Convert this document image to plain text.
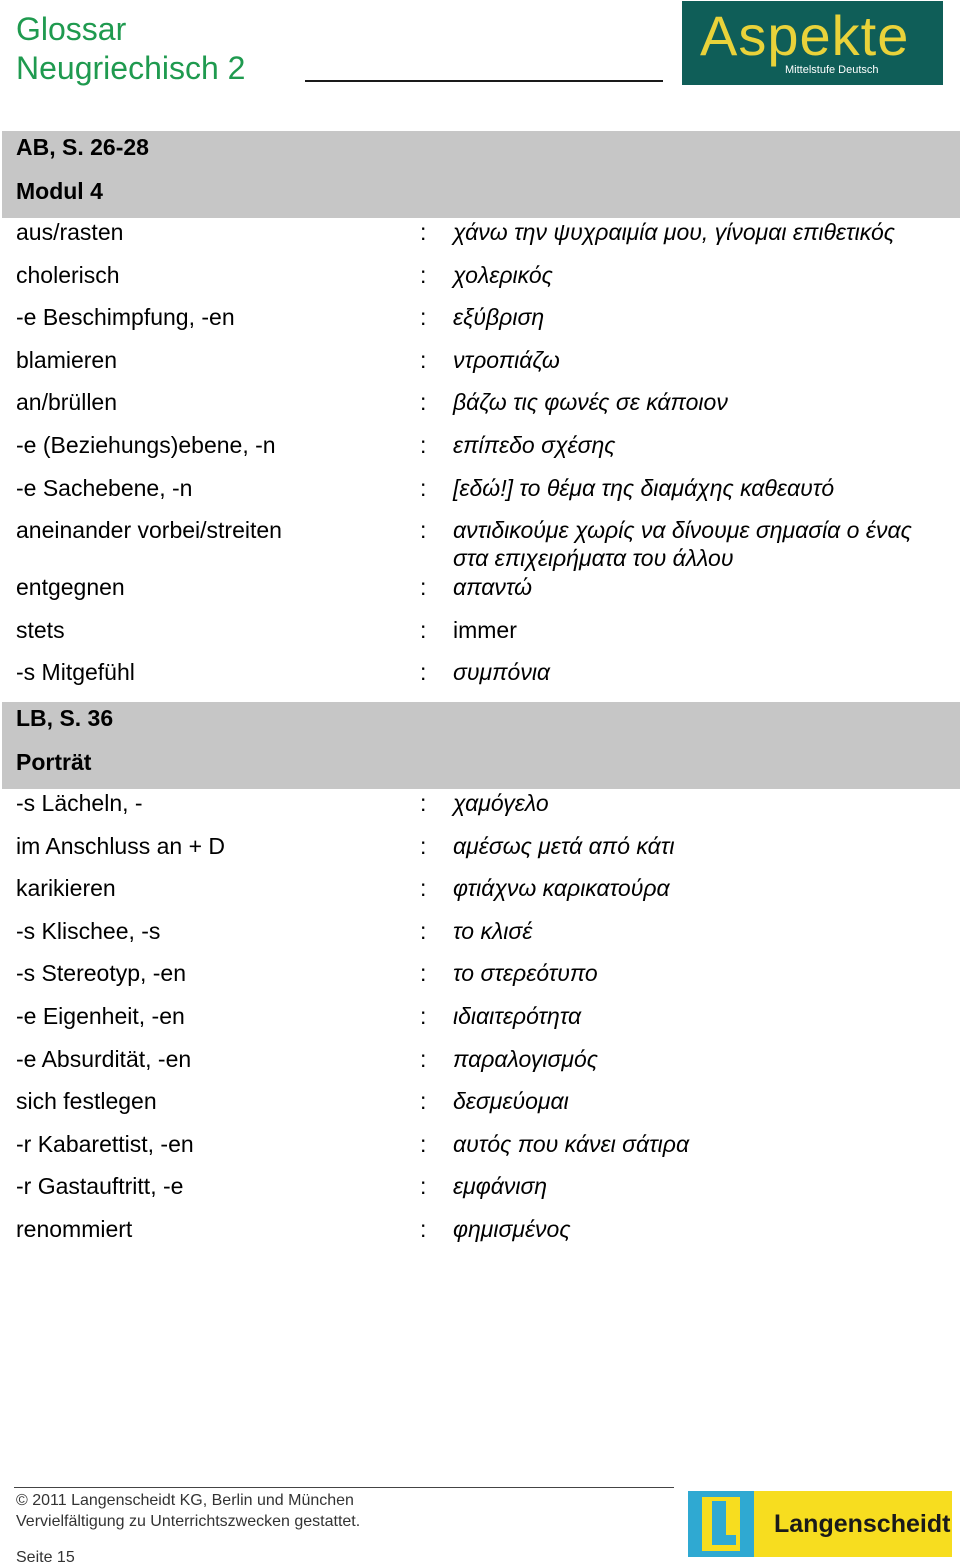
Glossar
Neugriechisch 2
Aspekte
Mittelstufe Deutsch
AB, S. 26-28
Modul 4
aus/rasten	: χάνω την ψυχραιμία μου, γίνομαι επιθετικός
cholerisch	: χολερικός
-e Beschimpfung, -en	: εξύβριση
blamieren	: ντροπιάζω
an/brüllen	: βάζω τις φωνές σε κάποιον
-e (Beziehungs)ebene, -n	: επίπεδο σχέσης
-e Sachebene, -n	: [εδώ!] το θέμα της διαμάχης καθεαυτό
aneinander vorbei/streiten	: αντιδικούμε χωρίς να δίνουμε σημασία ο ένας στα επιχειρήματα του άλλου
entgegnen	: απαντώ
stets	: immer
-s Mitgefühl	: συμπόνια
LB, S. 36
Porträt
-s Lächeln, -	: χαμόγελο
im Anschluss an + D	: αμέσως μετά από κάτι
karikieren	: φτιάχνω καρικατούρα
-s Klischee, -s	: το κλισέ
-s Stereotyp, -en	: το στερεότυπο
-e Eigenheit, -en	: ιδιαιτερότητα
-e Absurdität, -en	: παραλογισμός
sich festlegen	: δεσμεύομαι
-r Kabarettist, -en	: αυτός που κάνει σάτιρα
-r Gastauftritt, -e	: εμφάνιση
renommiert	: φημισμένος
© 2011 Langenscheidt KG, Berlin und München
Vervielfältigung zu Unterrichtszwecken gestattet.
Seite 15
Langenscheidt
